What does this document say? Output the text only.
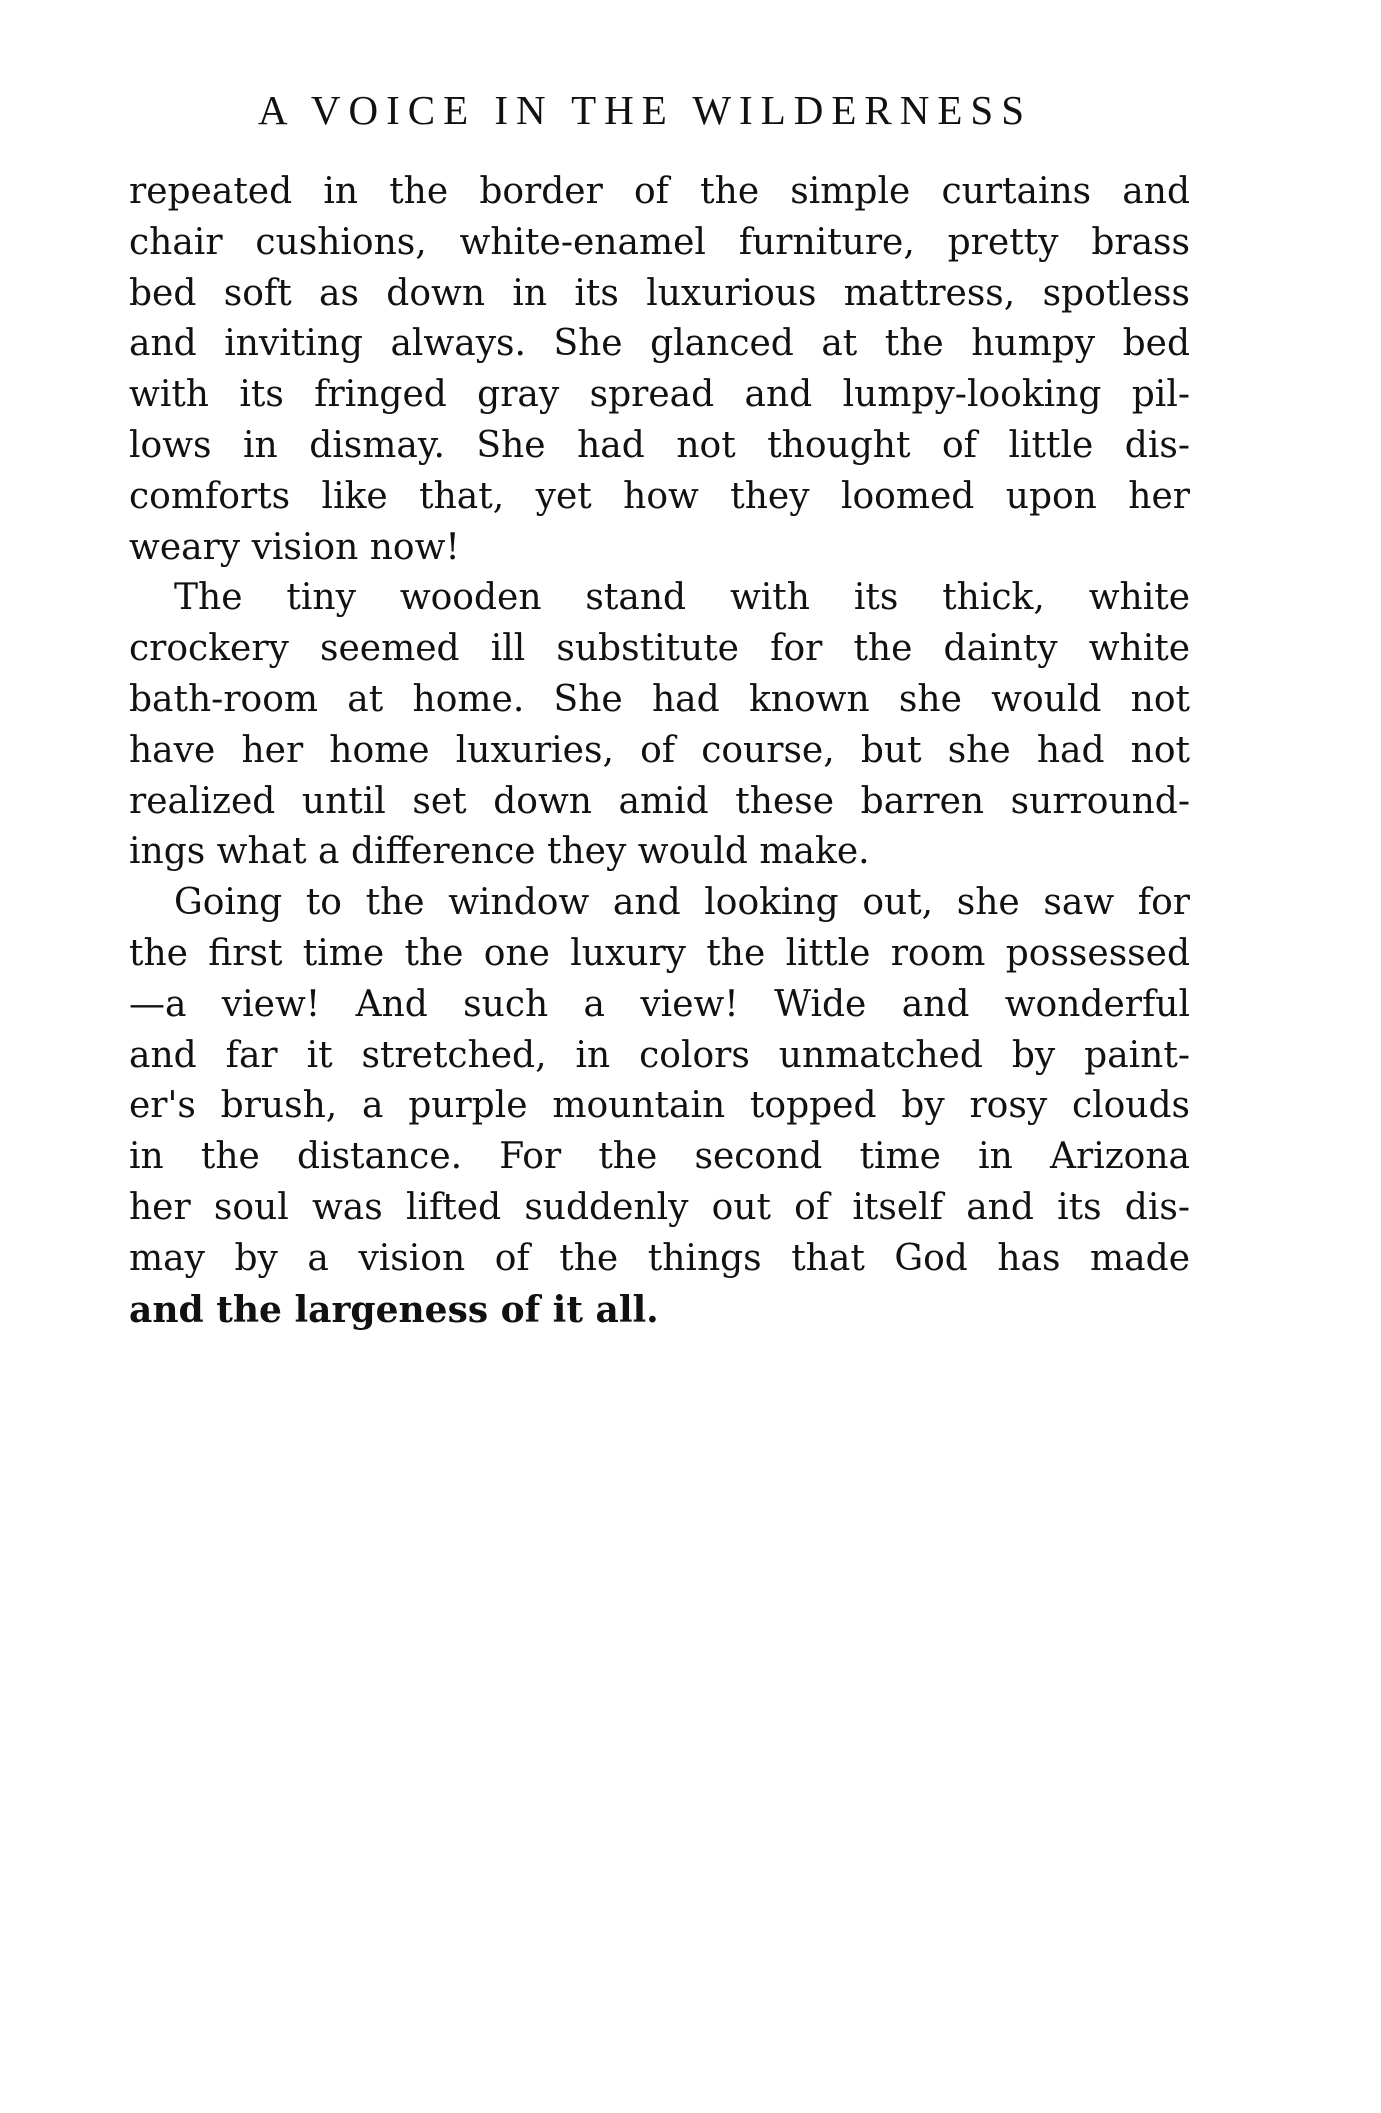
A VOICE IN THE WILDERNESS
repeated in the border of the simple curtains and
chair cushions, white-enamel furniture, pretty brass
bed soft as down in its luxurious mattress, spotless
and inviting always. She glanced at the humpy bed
with its fringed gray spread and lumpy-looking pil-
lows in dismay. She had not thought of little dis-
comforts like that, yet how they loomed upon her
weary vision now!
The tiny wooden stand with its thick, white
crockery seemed ill substitute for the dainty white
bath-room at home. She had known she would not
have her home luxuries, of course, but she had not
realized until set down amid these barren surround-
ings what a difference they would make.
Going to the window and looking out, she saw for
the first time the one luxury the little room possessed
—a view! And such a view! Wide and wonderful
and far it stretched, in colors unmatched by paint-
er's brush, a purple mountain topped by rosy clouds
in the distance. For the second time in Arizona
her soul was lifted suddenly out of itself and its dis-
may by a vision of the things that God has made
and the largeness of it all.
